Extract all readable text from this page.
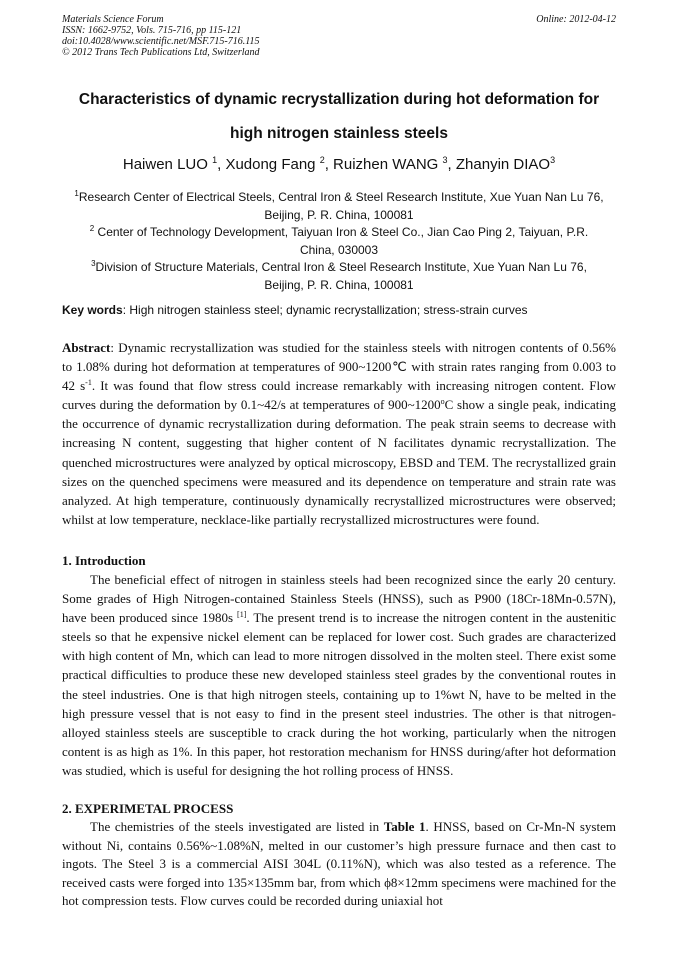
Materials Science Forum
ISSN: 1662-9752, Vols. 715-716, pp 115-121
doi:10.4028/www.scientific.net/MSF.715-716.115
© 2012 Trans Tech Publications Ltd, Switzerland
Online: 2012-04-12
Characteristics of dynamic recrystallization during hot deformation for
high nitrogen stainless steels
Haiwen LUO $^1$, Xudong Fang $^2$, Ruizhen WANG $^3$, Zhanyin DIAO$^3$
$^1$Research Center of Electrical Steels, Central Iron & Steel Research Institute, Xue Yuan Nan Lu 76,
Beijing, P. R. China, 100081
$^2$ Center of Technology Development, Taiyuan Iron & Steel Co., Jian Cao Ping 2, Taiyuan, P.R.
China, 030003
$^3$Division of Structure Materials, Central Iron & Steel Research Institute, Xue Yuan Nan Lu 76,
Beijing, P. R. China, 100081
Key words: High nitrogen stainless steel; dynamic recrystallization; stress-strain curves

Abstract: Dynamic recrystallization was studied for the stainless steels with nitrogen contents of 0.56% to 1.08% during hot deformation at temperatures of 900~1200℃ with strain rates ranging from 0.003 to 42 $s^{-1}$. It was found that flow stress could increase remarkably with increasing nitrogen content. Flow curves during the deformation by 0.1~42/s at temperatures of 900~1200$^o$C show a single peak, indicating the occurrence of dynamic recrystallization during deformation. The peak strain seems to decrease with increasing N content, suggesting that higher content of N facilitates dynamic recrystallization. The quenched microstructures were analyzed by optical microscopy, EBSD and TEM. The recrystallized grain sizes on the quenched specimens were measured and its dependence on temperature and strain rate was analyzed. At high temperature, continuously dynamically recrystallized microstructures were observed; whilst at low temperature, necklace-like partially recrystallized microstructures were found.

1. Introduction

The beneficial effect of nitrogen in stainless steels had been recognized since the early 20 century. Some grades of High Nitrogen-contained Stainless Steels (HNSS), such as P900 (18Cr-18Mn-0.57N), have been produced since 1980s [1]. The present trend is to increase the nitrogen content in the austenitic steels so that he expensive nickel element can be replaced for lower cost. Such grades are characterized with high content of Mn, which can lead to more nitrogen dissolved in the molten steel. There exist some practical difficulties to produce these new developed stainless steel grades by the conventional routes in the steel industries. One is that high nitrogen steels, containing up to 1%wt N, have to be melted in the high pressure vessel that is not easy to find in the present steel industries. The other is that nitrogen-alloyed stainless steels are susceptible to crack during the hot working, particularly when the nitrogen content is as high as 1%. In this paper, hot restoration mechanism for HNSS during/after hot deformation was studied, which is useful for designing the hot rolling process of HNSS.

2. EXPERIMETAL PROCESS

The chemistries of the steels investigated are listed in Table 1. HNSS, based on Cr-Mn-N system without Ni, contains 0.56%~1.08%N, melted in our customer’s high pressure furnace and then cast to ingots. The Steel 3 is a commercial AISI 304L (0.11%N), which was also tested as a reference. The received casts were forged into 135×135mm bar, from which ϕ8×12mm specimens were machined for the hot compression tests. Flow curves could be recorded during uniaxial hot
